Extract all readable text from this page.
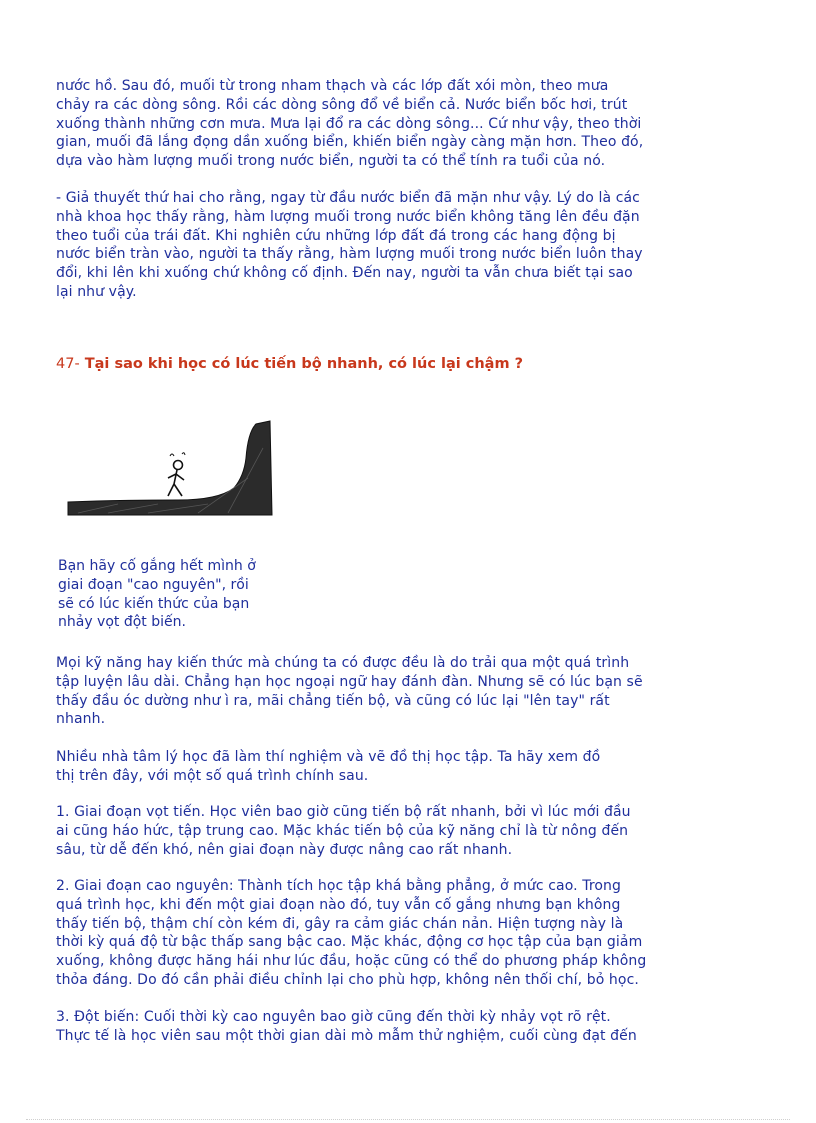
nước hồ. Sau đó, muối từ trong nham thạch và các lớp đất xói mòn, theo mưa
chảy ra các dòng sông. Rồi các dòng sông đổ về biển cả. Nước biển bốc hơi, trút
xuống thành những cơn mưa. Mưa lại đổ ra các dòng sông... Cứ như vậy, theo thời
gian, muối đã lắng đọng dần xuống biển, khiến biển ngày càng mặn hơn. Theo đó,
dựa vào hàm lượng muối trong nước biển, người ta có thể tính ra tuổi của nó.
- Giả thuyết thứ hai cho rằng, ngay từ đầu nước biển đã mặn như vậy. Lý do là các
nhà khoa học thấy rằng, hàm lượng muối trong nước biển không tăng lên đều đặn
theo tuổi của trái đất. Khi nghiên cứu những lớp đất đá trong các hang động bị
nước biển tràn vào, người ta thấy rằng, hàm lượng muối trong nước biển luôn thay
đổi, khi lên khi xuống chứ không cố định. Đến nay, người ta vẫn chưa biết tại sao
lại như vậy.
47- Tại sao khi học có lúc tiến bộ nhanh, có lúc lại chậm ?
Bạn hãy cố gắng hết mình ở
giai đoạn "cao nguyên", rồi
sẽ có lúc kiến thức của bạn
nhảy vọt đột biến.
Mọi kỹ năng hay kiến thức mà chúng ta có được đều là do trải qua một quá trình
tập luyện lâu dài. Chẳng hạn học ngoại ngữ hay đánh đàn. Nhưng sẽ có lúc bạn sẽ
thấy đầu óc dường như ì ra, mãi chẳng tiến bộ, và cũng có lúc lại "lên tay" rất
nhanh.
Nhiều nhà tâm lý học đã làm thí nghiệm và vẽ đồ thị học tập. Ta hãy xem đồ
thị trên đây, với một số quá trình chính sau.
1. Giai đoạn vọt tiến. Học viên bao giờ cũng tiến bộ rất nhanh, bởi vì lúc mới đầu
ai cũng háo hức, tập trung cao. Mặc khác tiến bộ của kỹ năng chỉ là từ nông đến
sâu, từ dễ đến khó, nên giai đoạn này được nâng cao rất nhanh.
2. Giai đoạn cao nguyên: Thành tích học tập khá bằng phẳng, ở mức cao. Trong
quá trình học, khi đến một giai đoạn nào đó, tuy vẫn cố gắng nhưng bạn không
thấy tiến bộ, thậm chí còn kém đi, gây ra cảm giác chán nản. Hiện tượng này là
thời kỳ quá độ từ bậc thấp sang bậc cao. Mặc khác, động cơ học tập của bạn giảm
xuống, không được hăng hái như lúc đầu, hoặc cũng có thể do phương pháp không
thỏa đáng. Do đó cần phải điều chỉnh lại cho phù hợp, không nên thối chí, bỏ học.
3. Đột biến: Cuối thời kỳ cao nguyên bao giờ cũng đến thời kỳ nhảy vọt rõ rệt.
Thực tế là học viên sau một thời gian dài mò mẫm thử nghiệm, cuối cùng đạt đến
